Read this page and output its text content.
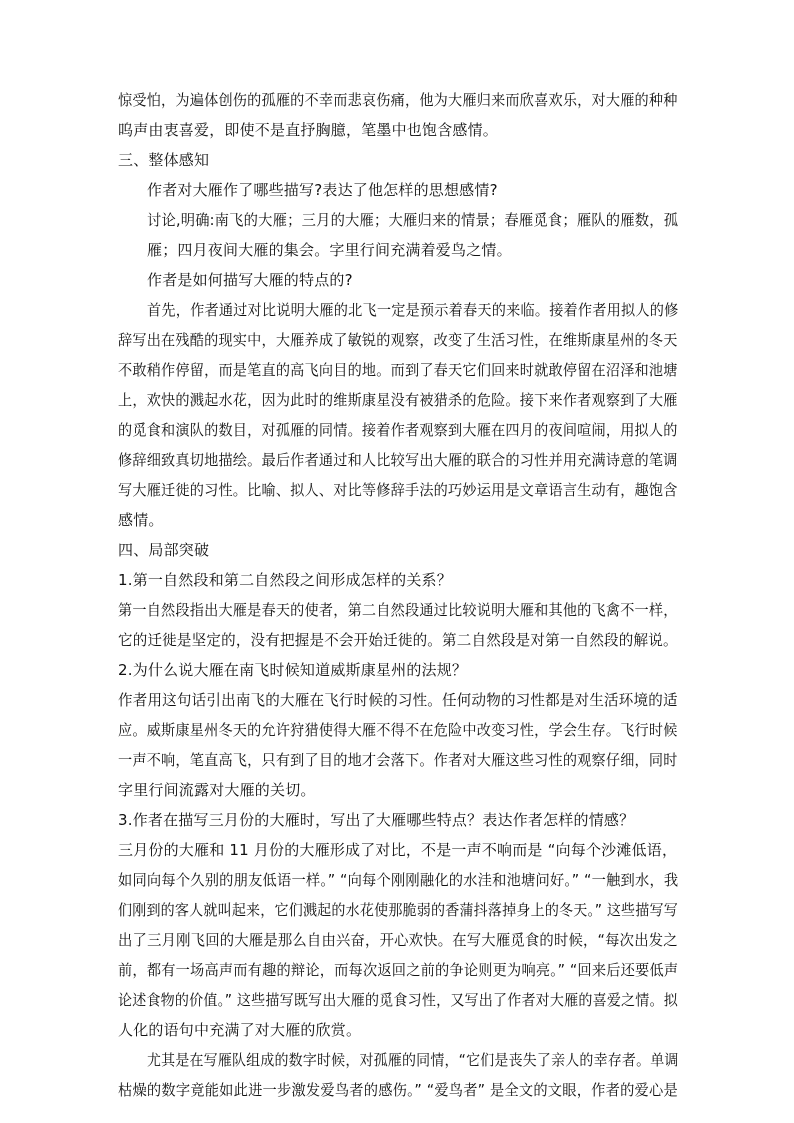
惊受怕，为遍体创伤的孤雁的不幸而悲哀伤痛，他为大雁归来而欣喜欢乐，对大雁的种种
呜声由衷喜爱，即使不是直抒胸臆，笔墨中也饱含感情。
三、整体感知
作者对大雁作了哪些描写?表达了他怎样的思想感情?
讨论,明确:南飞的大雁；三月的大雁；大雁归来的情景；春雁觅食；雁队的雁数，孤
雁；四月夜间大雁的集会。字里行间充满着爱鸟之情。
作者是如何描写大雁的特点的?
首先，作者通过对比说明大雁的北飞一定是预示着春天的来临。接着作者用拟人的修
辞写出在残酷的现实中，大雁养成了敏锐的观察，改变了生活习性，在维斯康星州的冬天
不敢稍作停留，而是笔直的高飞向目的地。而到了春天它们回来时就敢停留在沼泽和池塘
上，欢快的溅起水花，因为此时的维斯康星没有被猎杀的危险。接下来作者观察到了大雁
的觅食和演队的数目，对孤雁的同情。接着作者观察到大雁在四月的夜间喧闹，用拟人的
修辞细致真切地描绘。最后作者通过和人比较写出大雁的联合的习性并用充满诗意的笔调
写大雁迁徙的习性。比喻、拟人、对比等修辞手法的巧妙运用是文章语言生动有，趣饱含
感情。
四、局部突破
1.第一自然段和第二自然段之间形成怎样的关系？
第一自然段指出大雁是春天的使者，第二自然段通过比较说明大雁和其他的飞禽不一样，
它的迁徙是坚定的，没有把握是不会开始迁徙的。第二自然段是对第一自然段的解说。
2.为什么说大雁在南飞时候知道威斯康星州的法规？
作者用这句话引出南飞的大雁在飞行时候的习性。任何动物的习性都是对生活环境的适
应。威斯康星州冬天的允许狩猎使得大雁不得不在危险中改变习性，学会生存。飞行时候
一声不响，笔直高飞，只有到了目的地才会落下。作者对大雁这些习性的观察仔细，同时
字里行间流露对大雁的关切。
3.作者在描写三月份的大雁时，写出了大雁哪些特点？表达作者怎样的情感？
三月份的大雁和 11 月份的大雁形成了对比，不是一声不响而是 “向每个沙滩低语，
如同向每个久别的朋友低语一样。” “向每个刚刚融化的水洼和池塘问好。” “一触到水，我
们刚到的客人就叫起来，它们溅起的水花使那脆弱的香蒲抖落掉身上的冬天。” 这些描写写
出了三月刚飞回的大雁是那么自由兴奋，开心欢快。在写大雁觅食的时候，“每次出发之
前，都有一场高声而有趣的辩论，而每次返回之前的争论则更为响亮。” “回来后还要低声
论述食物的价值。” 这些描写既写出大雁的觅食习性，又写出了作者对大雁的喜爱之情。拟
人化的语句中充满了对大雁的欣赏。
尤其是在写雁队组成的数字时候，对孤雁的同情，“它们是丧失了亲人的幸存者。单调
枯燥的数字竟能如此进一步激发爱鸟者的感伤。” “爱鸟者” 是全文的文眼，作者的爱心是
